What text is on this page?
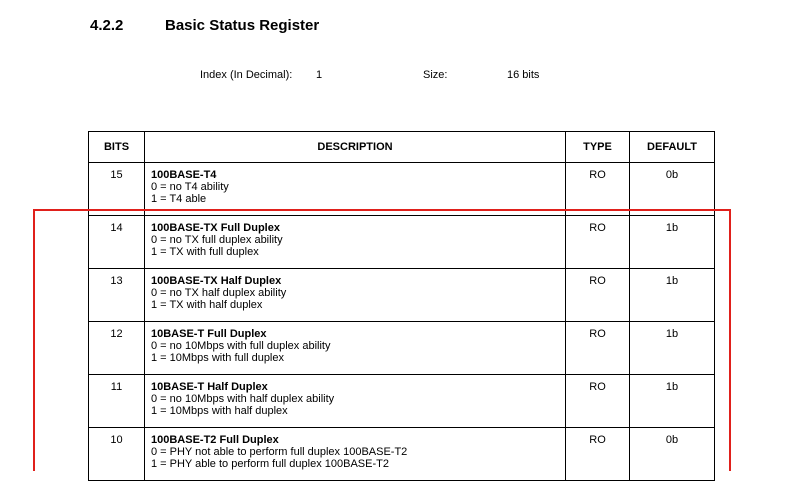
4.2.2	Basic Status Register
Index (In Decimal): 1	Size:	16 bits
BITS	DESCRIPTION	TYPE	DEFAULT
15	100BASE-T4
0 = no T4 ability
1 = T4 able	RO	0b
14	100BASE-TX Full Duplex
0 = no TX full duplex ability
1 = TX with full duplex	RO	1b
13	100BASE-TX Half Duplex
0 = no TX half duplex ability
1 = TX with half duplex	RO	1b
12	10BASE-T Full Duplex
0 = no 10Mbps with full duplex ability
1 = 10Mbps with full duplex	RO	1b
11	10BASE-T Half Duplex
0 = no 10Mbps with half duplex ability
1 = 10Mbps with half duplex	RO	1b
10	100BASE-T2 Full Duplex
0 = PHY not able to perform full duplex 100BASE-T2
1 = PHY able to perform full duplex 100BASE-T2	RO	0b
